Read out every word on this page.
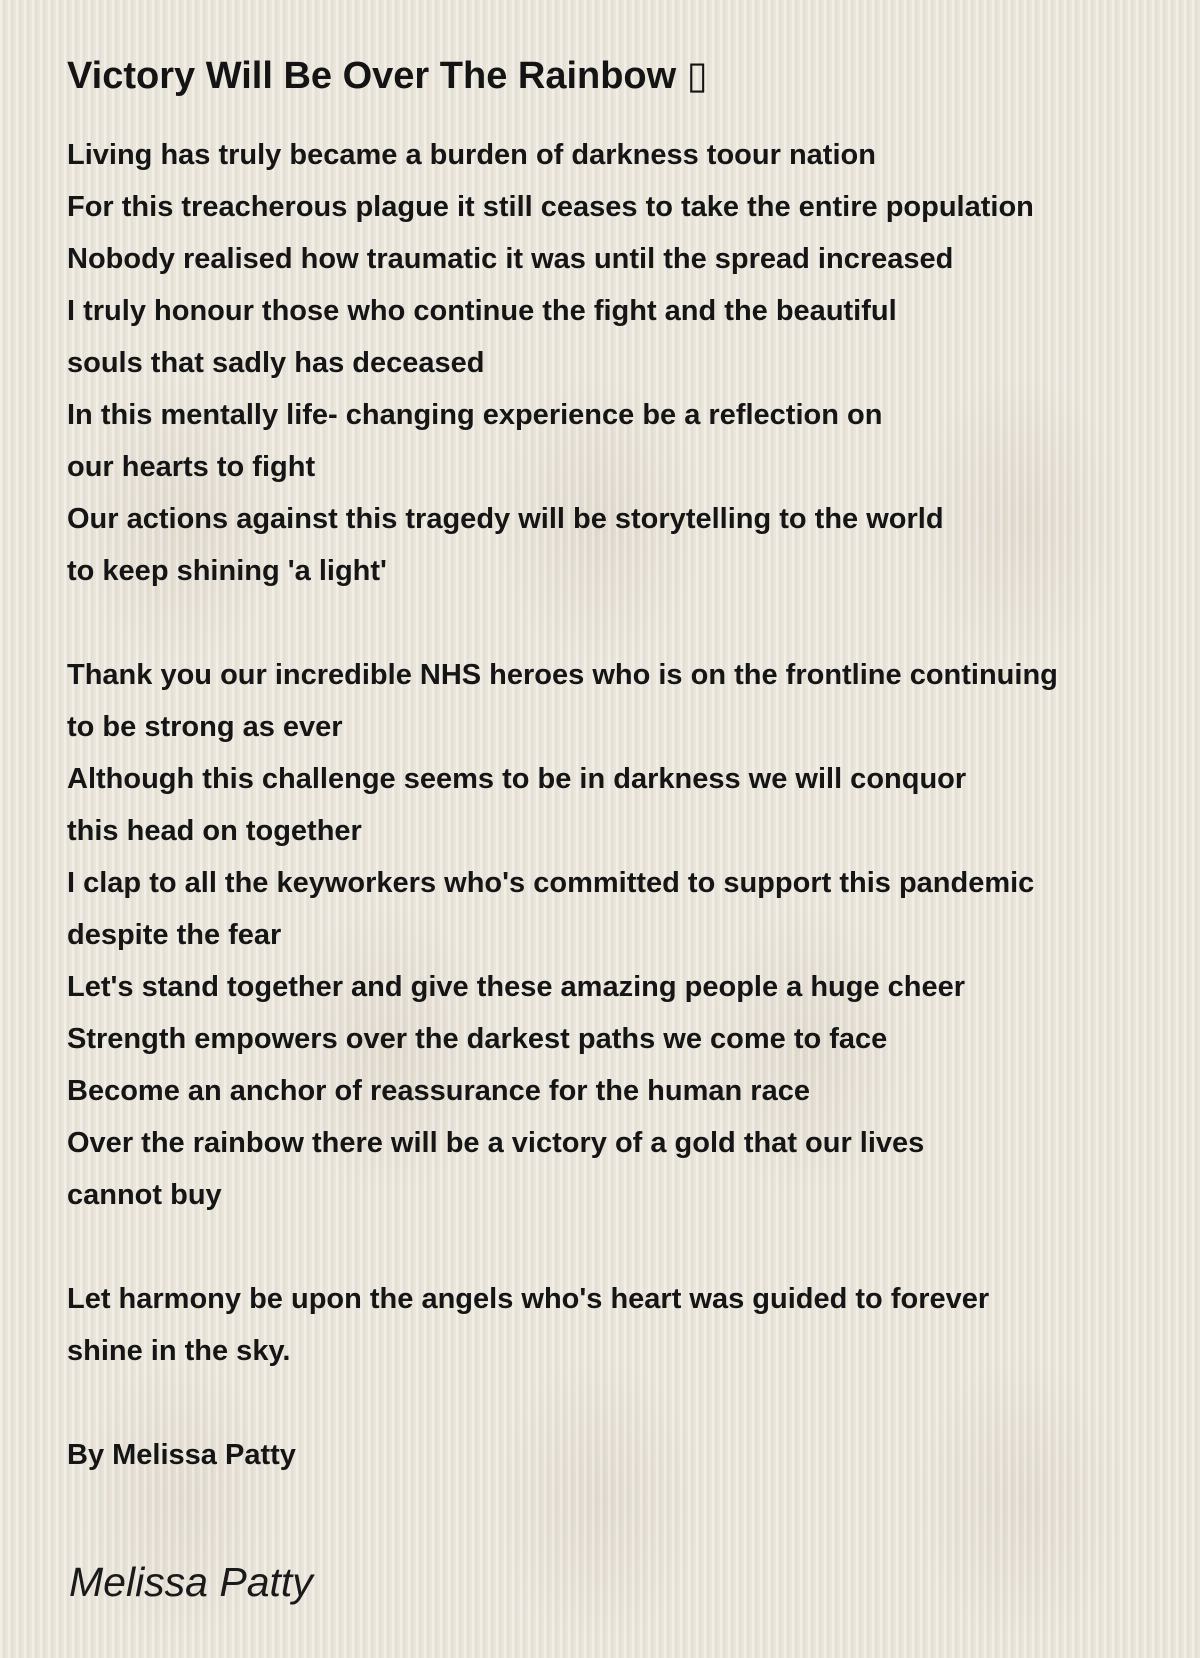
Victory Will Be Over The Rainbow ▯
Living has truly became a burden of darkness toour nation
For this treacherous plague it still ceases to take the entire population
Nobody realised how traumatic it was until the spread increased
I truly honour those who continue the fight and the beautiful
souls that sadly has deceased
In this mentally life- changing experience be a reflection on
our hearts to fight
Our actions against this tragedy will be storytelling to the world
to keep shining 'a light'
Thank you our incredible NHS heroes who is on the frontline continuing
to be strong as ever
Although this challenge seems to be in darkness we will conquor
this head on together
I clap to all the keyworkers who's committed to support this pandemic
despite the fear
Let's stand together and give these amazing people a huge cheer
Strength empowers over the darkest paths we come to face
Become an anchor of reassurance for the human race
Over the rainbow there will be a victory of a gold that our lives
cannot buy
Let harmony be upon the angels who's heart was guided to forever
shine in the sky.
By Melissa Patty
Melissa Patty
